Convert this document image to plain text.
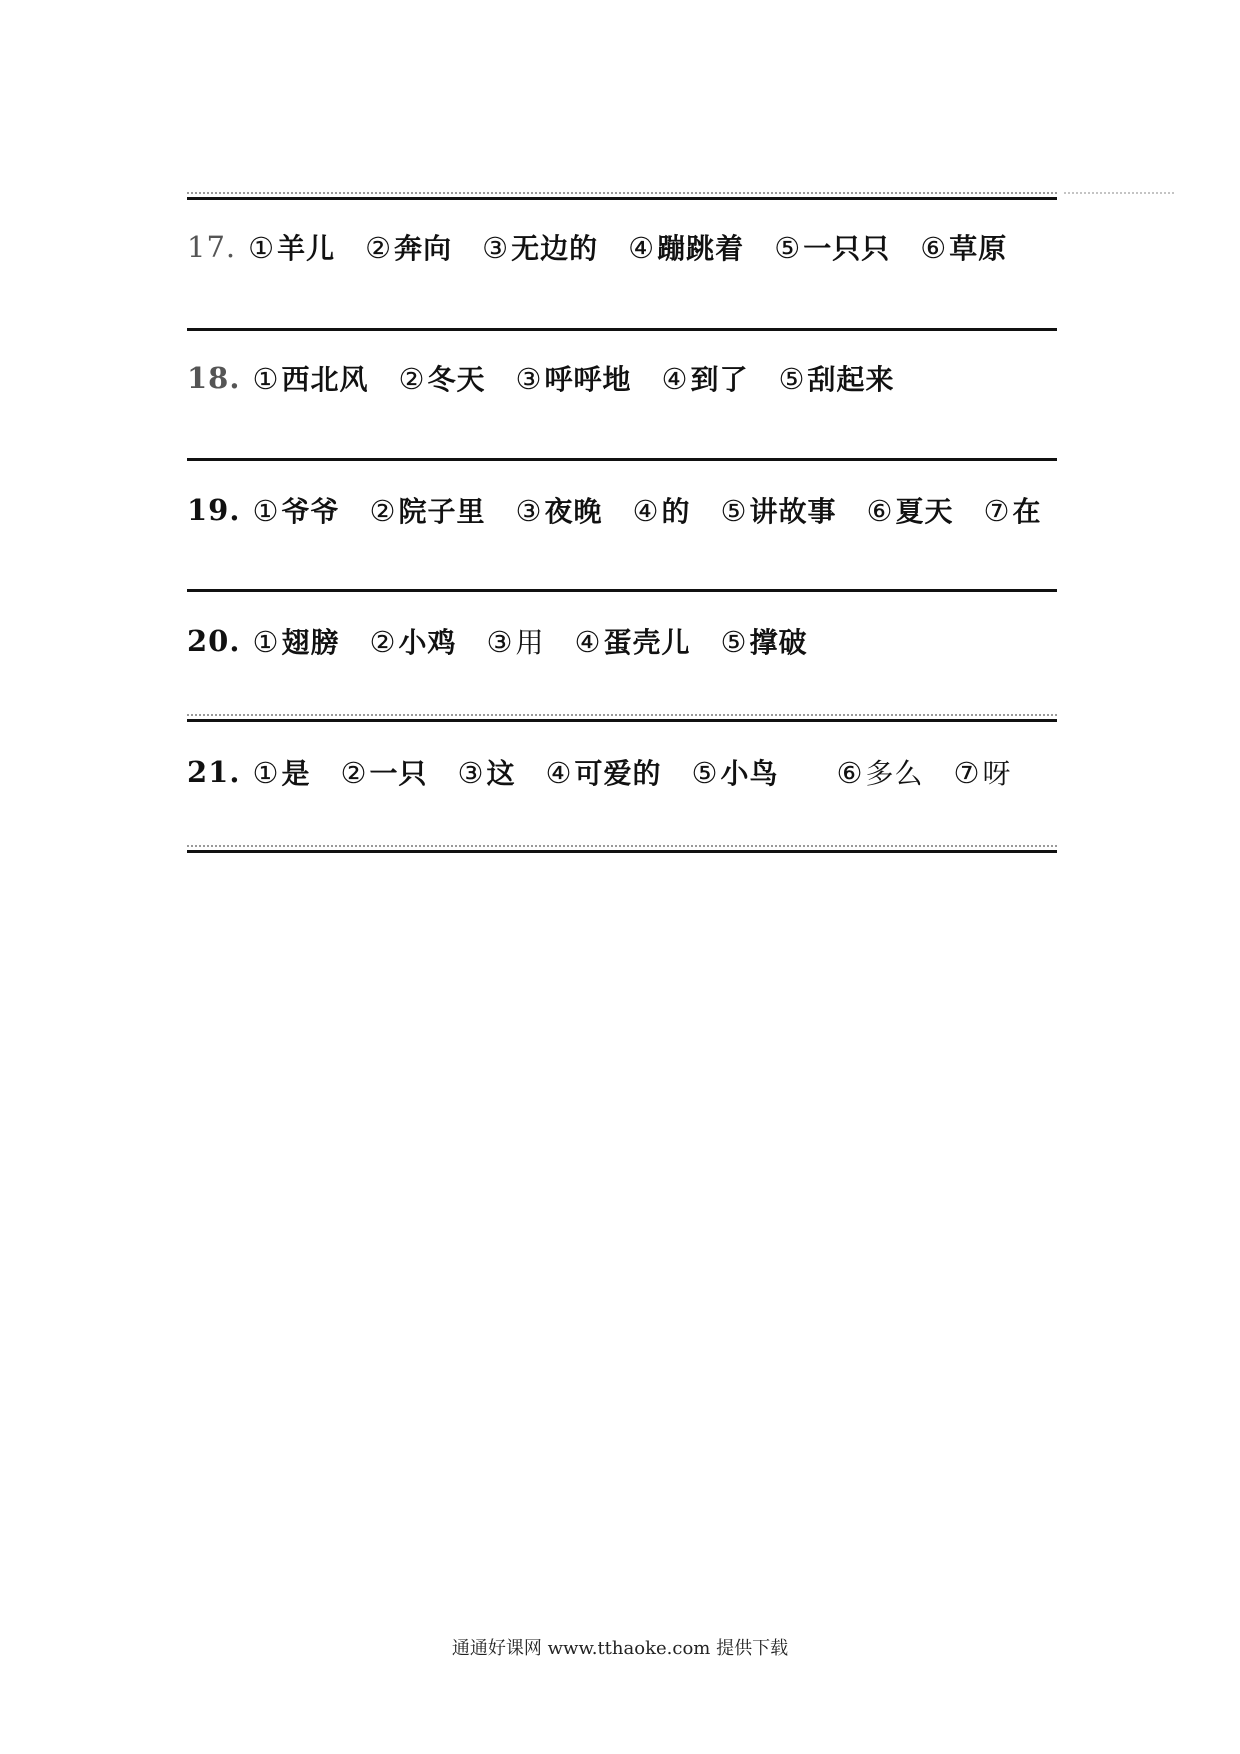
17. ① 羊儿 ② 奔向 ③ 无边的 ④ 蹦跳着 ⑤ 一只只 ⑥ 草原
18. ① 西北风 ② 冬天 ③ 呼呼地 ④ 到了 ⑤ 刮起来
19. ① 爷爷 ② 院子里 ③ 夜晚 ④ 的 ⑤ 讲故事 ⑥ 夏天 ⑦ 在
20. ① 翅膀 ② 小鸡 ③ 用 ④ 蛋壳儿 ⑤ 撑破
21. ① 是 ② 一只 ③ 这 ④ 可爱的 ⑤ 小鸟 ⑥ 多么 ⑦ 呀
通通好课网 www.tthaoke.com 提供下载
